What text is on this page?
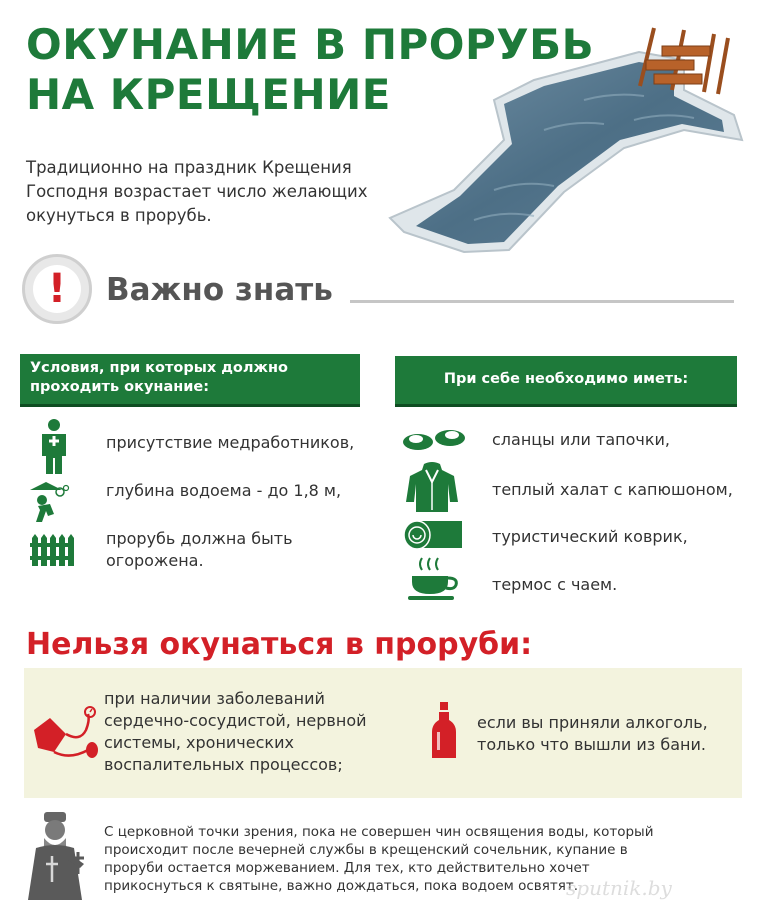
ОКУНАНИЕ В ПРОРУБЬ
НА КРЕЩЕНИЕ
Традиционно на праздник Крещения
Господня возрастает число желающих
окунуться в прорубь.
! Важно знать
Условия, при которых должно
проходить окунание:	При себе необходимо иметь:
присутствие медработников,
глубина водоема - до 1,8 м,
прорубь должна быть
огорожена.
сланцы или тапочки,
теплый халат с капюшоном,
туристический коврик,
термос с чаем.
Нельзя окунаться в проруби:
при наличии заболеваний
сердечно-сосудистой, нервной
системы, хронических
воспалительных процессов;
если вы приняли алкоголь,
только что вышли из бани.
С церковной точки зрения, пока не совершен чин освящения воды, который
происходит после вечерней службы в крещенский сочельник, купание в
проруби остается моржеванием. Для тех, кто действительно хочет
прикоснуться к святыне, важно дождаться, пока водоем освятят.
sputnik.by
